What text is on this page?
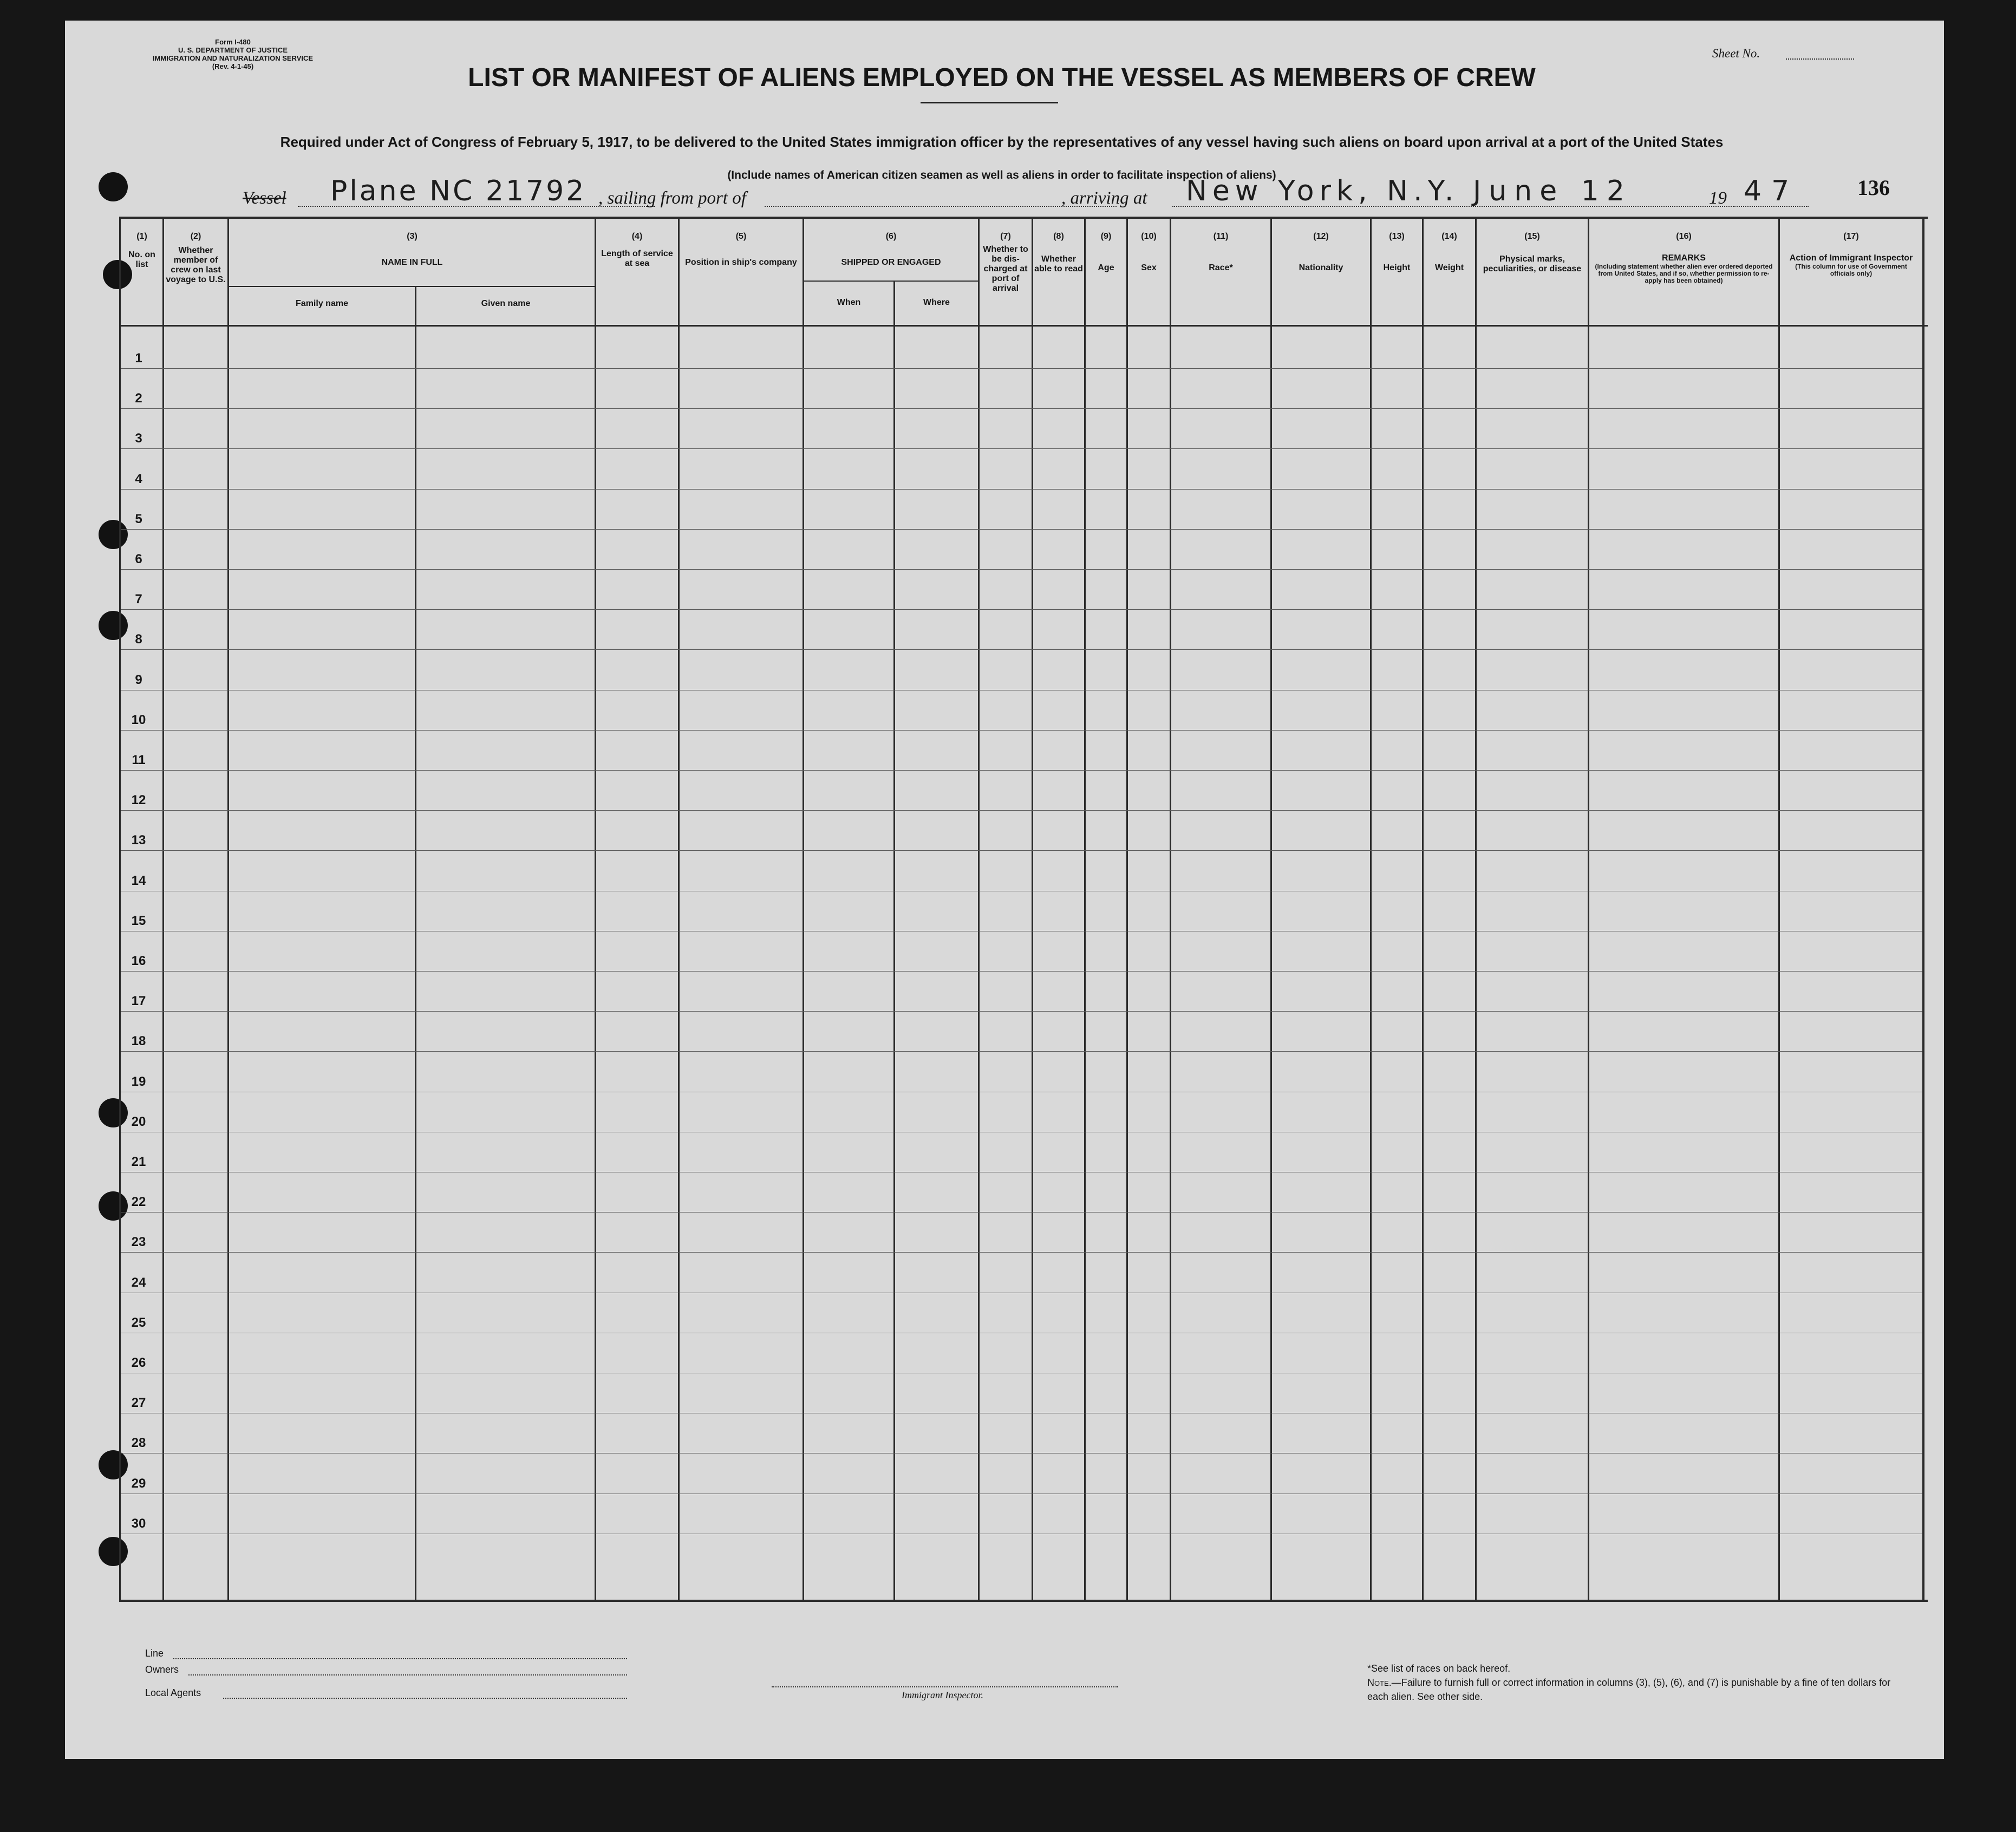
Form I-480
U. S. DEPARTMENT OF JUSTICE
IMMIGRATION AND NATURALIZATION SERVICE
(Rev. 4-1-45)
Sheet No.
LIST OR MANIFEST OF ALIENS EMPLOYED ON THE VESSEL AS MEMBERS OF CREW
Required under Act of Congress of February 5, 1917, to be delivered to the United States immigration officer by the representatives of any vessel having such aliens on board upon arrival at a port of the United States
(Include names of American citizen seamen as well as aliens in order to facilitate inspection of aliens)
Vessel Plane NC 21792 , sailing from port of	, arriving at New York, N.Y. June 12	19 47	136
(1)
No. on list
(2)
Whether member of crew on last voyage to U.S.
(3)
NAME IN FULL
Family name	Given name
(4)
Length of service at sea
(5)
Position in ship's company
(6)
SHIPPED OR ENGAGED
When	Where
(7)
Whether to be dis-charged at port of arrival
(8)
Whether able to read
(9)
Age
(10)
Sex
(11)
Race*
(12)
Nationality
(13)
Height
(14)
Weight
(15)
Physical marks, peculiarities, or disease
(16)
REMARKS
(Including statement whether alien ever ordered deported from United States, and if so, whether permission to re-apply has been obtained)
(17)
Action of Immigrant Inspector
(This column for use of Government officials only)
1
2
3
4
5
6
7
8
9
10
11
12
13
14
15
16
17
18
19
20
21
22
23
24
25
26
27
28
29
30
Line
Owners
Local Agents	Immigrant Inspector.
*See list of races on back hereof.
Note.—Failure to furnish full or correct information in columns (3), (5), (6), and (7) is punishable by a fine of ten dollars for each alien. See other side.
